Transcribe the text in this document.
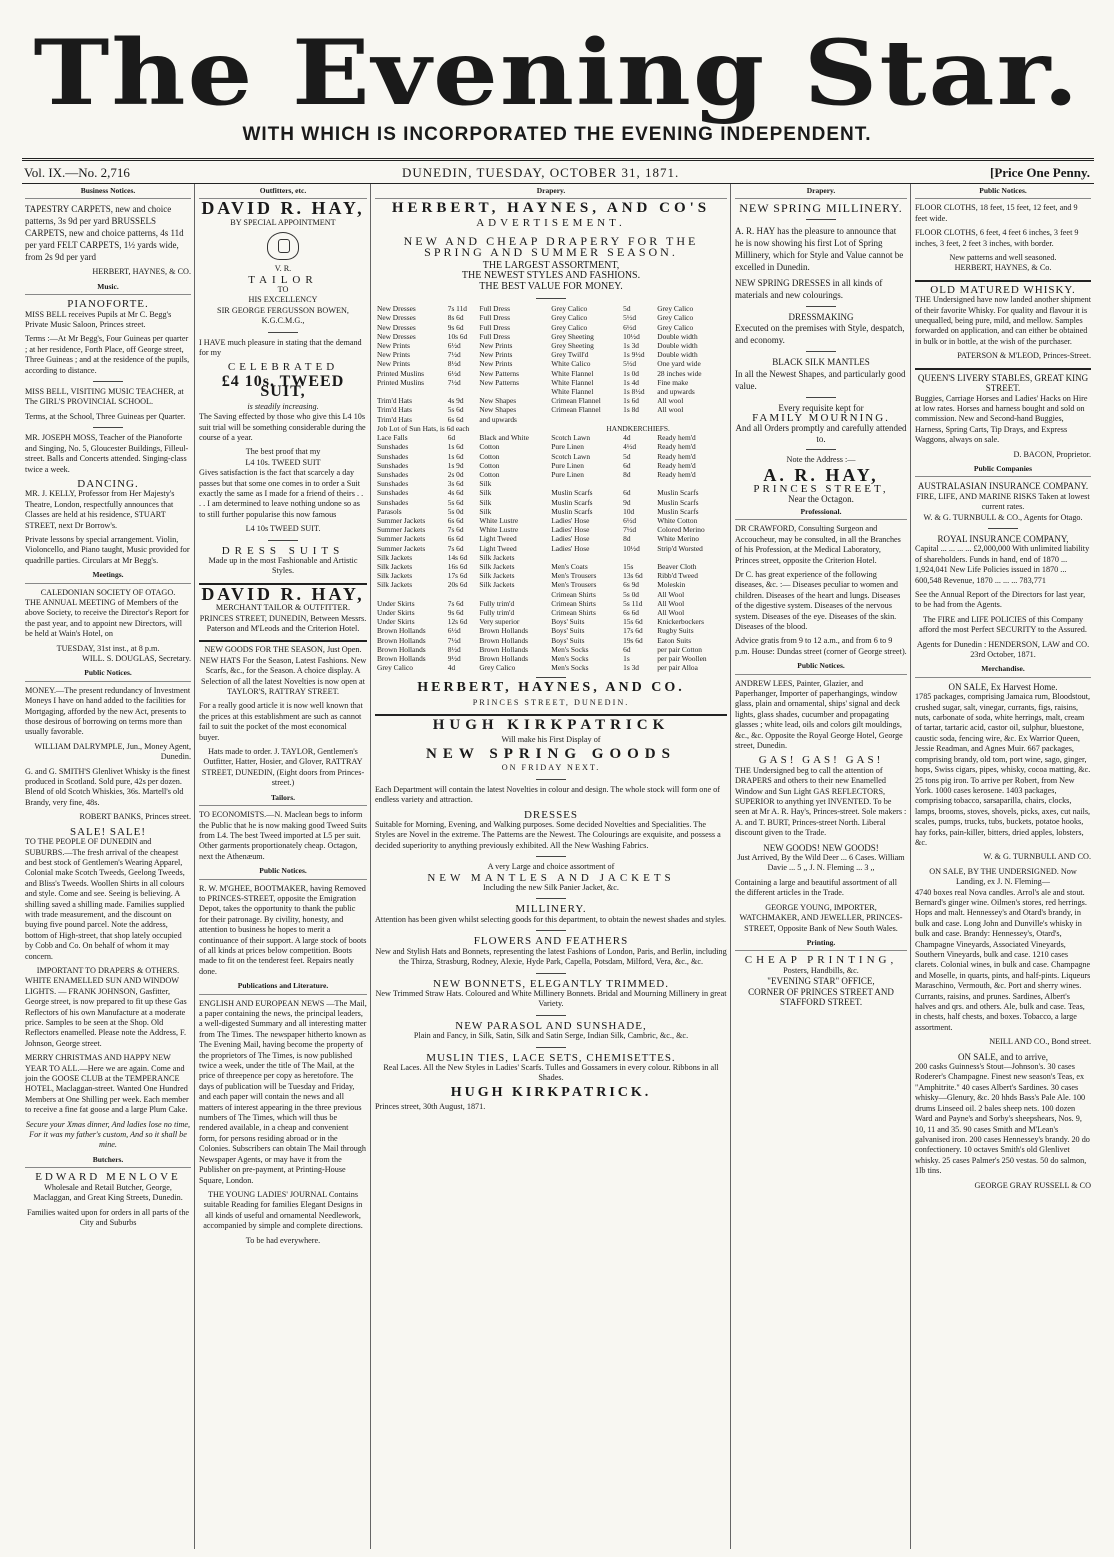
The Evening Star.
WITH WHICH IS INCORPORATED THE EVENING INDEPENDENT.
Vol. IX.—No. 2,716	DUNEDIN, TUESDAY, OCTOBER 31, 1871.	[Price One Penny.
Business Notices.

TAPESTRY CARPETS, new and choice patterns, 3s 9d per yard BRUSSELS CARPETS, new and choice patterns, 4s 11d per yard FELT CARPETS, 1½ yards wide, from 2s 9d per yard

HERBERT, HAYNES, & CO.

Music.
PIANOFORTE.

MISS BELL receives Pupils at Mr C. Begg's Private Music Saloon, Princes street.

Terms :—At Mr Begg's, Four Guineas per quarter ; at her residence, Forth Place, off George street, Three Guineas ; and at the residence of the pupils, according to distance.

MISS BELL, VISITING MUSIC TEACHER, at The GIRL'S PROVINCIAL SCHOOL.

Terms, at the School, Three Guineas per Quarter.

MR. JOSEPH MOSS, Teacher of the Pianoforte and Singing, No. 5, Gloucester Buildings, Filleul-street. Balls and Concerts attended. Singing-class twice a week.

DANCING.

MR. J. KELLY, Professor from Her Majesty's Theatre, London, respectfully announces that Classes are held at his residence, STUART STREET, next Dr Borrow's.

Private lessons by special arrangement. Violin, Violoncello, and Piano taught, Music provided for quadrille parties. Circulars at Mr Begg's.

Meetings.
CALEDONIAN SOCIETY OF OTAGO.

THE ANNUAL MEETING of Members of the above Society, to receive the Director's Report for the past year, and to appoint new Directors, will be held at Wain's Hotel, on

TUESDAY, 31st inst., at 8 p.m.

WILL. S. DOUGLAS, Secretary.

Public Notices.

MONEY.—The present redundancy of Investment Moneys I have on hand added to the facilities for Mortgaging, afforded by the new Act, presents to those desirous of borrowing on terms more than usually favorable.

WILLIAM DALRYMPLE, Jun., Money Agent, Dunedin.

G. and G. SMITH'S Glenlivet Whisky is the finest produced in Scotland. Sold pure, 42s per dozen. Blend of old Scotch Whiskies, 36s. Martell's old Brandy, very fine, 48s.

ROBERT BANKS, Princes street.

SALE! SALE!

TO THE PEOPLE OF DUNEDIN and SUBURBS.—The fresh arrival of the cheapest and best stock of Gentlemen's Wearing Apparel, Colonial make Scotch Tweeds, Geelong Tweeds, and Bliss's Tweeds. Woollen Shirts in all colours and style. Come and see. Seeing is believing. A shilling saved a shilling made. Families supplied with trade measurement, and the discount on buying five pound parcel. Note the address, bottom of High-street, that shop lately occupied by Cobb and Co. On behalf of whom it may concern.

IMPORTANT TO DRAPERS & OTHERS.

WHITE ENAMELLED SUN AND WINDOW LIGHTS. — FRANK JOHNSON, Gasfitter, George street, is now prepared to fit up these Gas Reflectors of his own Manufacture at a moderate price. Samples to be seen at the Shop. Old Reflectors enamelled. Please note the Address, F. Johnson, George street.

MERRY CHRISTMAS AND HAPPY NEW YEAR TO ALL.—Here we are again. Come and join the GOOSE CLUB at the TEMPERANCE HOTEL, Maclaggan-street. Wanted One Hundred Members at One Shilling per week. Each member to receive a fine fat goose and a large Plum Cake.

Secure your Xmas dinner, And ladies lose no time, For it was my father's custom, And so it shall be mine.

Butchers.
EDWARD MENLOVE

Wholesale and Retail Butcher, George, Maclaggan, and Great King Streets, Dunedin.

Families waited upon for orders in all parts of the City and Suburbs

Outfitters, etc.
DAVID R. HAY,
BY SPECIAL APPOINTMENT
V. R.
TAILOR
TO
HIS EXCELLENCY
SIR GEORGE FERGUSSON BOWEN, K.G.C.M.G.,

I HAVE much pleasure in stating that the demand for my

CELEBRATED
£4 10s. TWEED SUIT,
is steadily increasing.

The Saving effected by those who give this L4 10s suit trial will be something considerable during the course of a year.

The best proof that my
L4 10s. TWEED SUIT

Gives satisfaction is the fact that scarcely a day passes but that some one comes in to order a Suit exactly the same as I made for a friend of theirs . . . . I am determined to leave nothing undone so as to still further popularise this now famous

L4 10s TWEED SUIT.
DRESS SUITS

Made up in the most Fashionable and Artistic Styles.

DAVID R. HAY,

MERCHANT TAILOR & OUTFITTER. PRINCES STREET, DUNEDIN, Between Messrs. Paterson and M'Leods and the Criterion Hotel.

NEW GOODS FOR THE SEASON, Just Open. NEW HATS For the Season, Latest Fashions. New Scarfs, &c., for the Season. A choice display. A Selection of all the latest Novelties is now open at TAYLOR'S, RATTRAY STREET.

For a really good article it is now well known that the prices at this establishment are such as cannot fail to suit the pocket of the most economical buyer.

Hats made to order. J. TAYLOR, Gentlemen's Outfitter, Hatter, Hosier, and Glover, RATTRAY STREET, DUNEDIN, (Eight doors from Princes-street.)

Tailors.

TO ECONOMISTS.—N. Maclean begs to inform the Public that he is now making good Tweed Suits from L4. The best Tweed imported at L5 per suit. Other garments proportionately cheap. Octagon, next the Athenæum.

Public Notices.

R. W. M'GHEE, BOOTMAKER, having Removed to PRINCES-STREET, opposite the Emigration Depot, takes the opportunity to thank the public for their patronage. By civility, honesty, and attention to business he hopes to merit a continuance of their support. A large stock of boots of all kinds at prices below competition. Boots made to fit on the tenderest feet. Repairs neatly done.

Publications and Literature.

ENGLISH AND EUROPEAN NEWS —The Mail, a paper containing the news, the principal leaders, a well-digested Summary and all interesting matter from The Times. The newspaper hitherto known as The Evening Mail, having become the property of the proprietors of The Times, is now published twice a week, under the title of The Mail, at the price of threepence per copy as heretofore. The days of publication will be Tuesday and Friday, and each paper will contain the news and all matters of interest appearing in the three previous numbers of The Times, which will thus be rendered available, in a cheap and convenient form, for persons residing abroad or in the Colonies. Subscribers can obtain The Mail through Newspaper Agents, or may have it from the Publisher on pre-payment, at Printing-House Square, London.

THE YOUNG LADIES' JOURNAL Contains suitable Reading for families Elegant Designs in all kinds of useful and ornamental Needlework, accompanied by simple and complete directions.

To be had everywhere.
Drapery.
HERBERT, HAYNES, AND CO'S
ADVERTISEMENT.
NEW AND CHEAP DRAPERY FOR THE SPRING AND SUMMER SEASON.
THE LARGEST ASSORTMENT,
THE NEWEST STYLES AND FASHIONS.
THE BEST VALUE FOR MONEY.
New Dresses	7s 11d	Full Dress	Grey Calico	5d	Grey Calico
New Dresses	8s 6d	Full Dress	Grey Calico	5½d	Grey Calico
New Dresses	9s 6d	Full Dress	Grey Calico	6½d	Grey Calico
New Dresses	10s 6d	Full Dress	Grey Sheeting	10½d	Double width
New Prints	6½d	New Prints	Grey Sheeting	1s 3d	Double width
New Prints	7½d	New Prints	Grey Twill'd	1s 9½d	Double width
New Prints	8½d	New Prints	White Calico	5½d	One yard wide
Printed Muslins	6½d	New Patterns	White Flannel	1s 0d	28 inches wide
Printed Muslins	7½d	New Patterns	White Flannel	1s 4d	Fine make
			White Flannel	1s 8½d	and upwards
Trim'd Hats	4s 9d	New Shapes	Crimean Flannel	1s 6d	All wool
Trim'd Hats	5s 6d	New Shapes	Crimean Flannel	1s 8d	All wool
Trim'd Hats	6s 6d	and upwards			
Job Lot of Sun Hats, is 6d each			HANDKERCHIEFS.		
Lace Falls	6d	Black and White	Scotch Lawn	4d	Ready hem'd
Sunshades	1s 6d	Cotton	Pure Linen	4½d	Ready hem'd
Sunshades	1s 6d	Cotton	Scotch Lawn	5d	Ready hem'd
Sunshades	1s 9d	Cotton	Pure Linen	6d	Ready hem'd
Sunshades	2s 0d	Cotton	Pure Linen	8d	Ready hem'd
Sunshades	3s 6d	Silk			
Sunshades	4s 6d	Silk	Muslin Scarfs	6d	Muslin Scarfs
Sunshades	5s 6d	Silk	Muslin Scarfs	9d	Muslin Scarfs
Parasols	5s 0d	Silk	Muslin Scarfs	10d	Muslin Scarfs
Summer Jackets	6s 6d	White Lustre	Ladies' Hose	6½d	White Cotton
Summer Jackets	7s 6d	White Lustre	Ladies' Hose	7½d	Colored Merino
Summer Jackets	6s 6d	Light Tweed	Ladies' Hose	8d	White Merino
Summer Jackets	7s 6d	Light Tweed	Ladies' Hose	10½d	Strip'd Worsted
Silk Jackets	14s 6d	Silk Jackets			
Silk Jackets	16s 6d	Silk Jackets	Men's Coats	15s	Beaver Cloth
Silk Jackets	17s 6d	Silk Jackets	Men's Trousers	13s 6d	Ribb'd Tweed
Silk Jackets	20s 6d	Silk Jackets	Men's Trousers	6s 9d	Moleskin
			Crimean Shirts	5s 0d	All Wool
Under Skirts	7s 6d	Fully trim'd	Crimean Shirts	5s 11d	All Wool
Under Skirts	9s 6d	Fully trim'd	Crimean Shirts	6s 6d	All Wool
Under Skirts	12s 6d	Very superior	Boys' Suits	15s 6d	Knickerbockers
Brown Hollands	6½d	Brown Hollands	Boys' Suits	17s 6d	Rugby Suits
Brown Hollands	7½d	Brown Hollands	Boys' Suits	19s 6d	Eaton Suits
Brown Hollands	8½d	Brown Hollands	Men's Socks	6d	per pair Cotton
Brown Hollands	9½d	Brown Hollands	Men's Socks	1s	per pair Woollen
Grey Calico	4d	Grey Calico	Men's Socks	1s 3d	per pair Alloa
HERBERT, HAYNES, AND CO.
PRINCES STREET, DUNEDIN.
HUGH KIRKPATRICK
Will make his First Display of
NEW SPRING GOODS
ON FRIDAY NEXT.

Each Department will contain the latest Novelties in colour and design. The whole stock will form one of endless variety and attraction.

DRESSES

Suitable for Morning, Evening, and Walking purposes. Some decided Novelties and Specialities. The Styles are Novel in the extreme. The Patterns are the Newest. The Colourings are exquisite, and possess a decided superiority to anything previously exhibited. All the New Washing Fabrics.

A very Large and choice assortment of
NEW MANTLES AND JACKETS
Including the new Silk Panier Jacket, &c.
MILLINERY.

Attention has been given whilst selecting goods for this department, to obtain the newest shades and styles.

FLOWERS AND FEATHERS

New and Stylish Hats and Bonnets, representing the latest Fashions of London, Paris, and Berlin, including the Thirza, Strasburg, Rodney, Alexie, Hyde Park, Capella, Potsdam, Milford, Vera, &c., &c.

NEW BONNETS, ELEGANTLY TRIMMED.

New Trimmed Straw Hats. Coloured and White Millinery Bonnets. Bridal and Mourning Millinery in great Variety.

NEW PARASOL AND SUNSHADE,

Plain and Fancy, in Silk, Satin, Silk and Satin Serge, Indian Silk, Cambric, &c., &c.

MUSLIN TIES, LACE SETS, CHEMISETTES.

Real Laces. All the New Styles in Ladies' Scarfs. Tulles and Gossamers in every colour. Ribbons in all Shades.

HUGH KIRKPATRICK.
Princes street, 30th August, 1871.
Drapery.
NEW SPRING MILLINERY.

A. R. HAY has the pleasure to announce that he is now showing his first Lot of Spring Millinery, which for Style and Value cannot be excelled in Dunedin.

NEW SPRING DRESSES in all kinds of materials and new colourings.

DRESSMAKING

Executed on the premises with Style, despatch, and economy.

BLACK SILK MANTLES

In all the Newest Shapes, and particularly good value.

Every requisite kept for
FAMILY MOURNING.
And all Orders promptly and carefully attended to.
Note the Address :—
A. R. HAY,
PRINCES STREET,
Near the Octagon.
Professional.

DR CRAWFORD, Consulting Surgeon and Accoucheur, may be consulted, in all the Branches of his Profession, at the Medical Laboratory, Princes street, opposite the Criterion Hotel.

Dr C. has great experience of the following diseases, &c. :— Diseases peculiar to women and children. Diseases of the heart and lungs. Diseases of the digestive system. Diseases of the nervous system. Diseases of the eye. Diseases of the skin. Diseases of the blood.

Advice gratis from 9 to 12 a.m., and from 6 to 9 p.m. House: Dundas street (corner of George street).

Public Notices.

ANDREW LEES, Painter, Glazier, and Paperhanger, Importer of paperhangings, window glass, plain and ornamental, ships' signal and deck lights, glass shades, cucumber and propagating glasses ; white lead, oils and colors gilt mouldings, &c., &c. Opposite the Royal George Hotel, George street, Dunedin.

GAS! GAS! GAS!

THE Undersigned beg to call the attention of DRAPERS and others to their new Enamelled Window and Sun Light GAS REFLECTORS, SUPERIOR to anything yet INVENTED. To be seen at Mr A. R. Hay's, Princes-street. Sole makers : A. and T. BURT, Princes-street North. Liberal discount given to the Trade.

NEW GOODS! NEW GOODS!

Just Arrived, By the Wild Deer ... 6 Cases. William Davie ... 5 ,, J. N. Fleming ... 3 ,,

Containing a large and beautiful assortment of all the different articles in the Trade.

GEORGE YOUNG, IMPORTER, WATCHMAKER, AND JEWELLER, PRINCES-STREET, Opposite Bank of New South Wales.

Printing.
CHEAP PRINTING,
Posters, Handbills, &c.
"EVENING STAR" OFFICE,
CORNER OF PRINCES STREET AND STAFFORD STREET.
Public Notices.

FLOOR CLOTHS, 18 feet, 15 feet, 12 feet, and 9 feet wide.

FLOOR CLOTHS, 6 feet, 4 feet 6 inches, 3 feet 9 inches, 3 feet, 2 feet 3 inches, with border.

New patterns and well seasoned.
HERBERT, HAYNES, & Co.
OLD MATURED WHISKY.

THE Undersigned have now landed another shipment of their favorite Whisky. For quality and flavour it is unequalled, being pure, mild, and mellow. Samples forwarded on application, and can either be obtained in bulk or in bottle, at the wish of the purchaser.

PATERSON & M'LEOD, Princes-Street.

QUEEN'S LIVERY STABLES, GREAT KING STREET.

Buggies, Carriage Horses and Ladies' Hacks on Hire at low rates. Horses and harness bought and sold on commission. New and Second-hand Buggies, Harness, Spring Carts, Tip Drays, and Express Waggons, always on sale.

D. BACON, Proprietor.

Public Companies
AUSTRALASIAN INSURANCE COMPANY.
FIRE, LIFE, AND MARINE RISKS Taken at lowest current rates.
W. & G. TURNBULL & CO., Agents for Otago.
ROYAL INSURANCE COMPANY,

Capital ... ... ... ... £2,000,000 With unlimited liability of shareholders. Funds in hand, end of 1870 ... 1,924,041 New Life Policies issued in 1870 ... 600,548 Revenue, 1870 ... ... ... 783,771

See the Annual Report of the Directors for last year, to be had from the Agents.

The FIRE and LIFE POLICIES of this Company afford the most Perfect SECURITY to the Assured.

Agents for Dunedin : HENDERSON, LAW and CO. 23rd October, 1871.

Merchandise.
ON SALE, Ex Harvest Home.

1785 packages, comprising Jamaica rum, Bloodstout, crushed sugar, salt, vinegar, currants, figs, raisins, nuts, carbonate of soda, white herrings, malt, cream of tartar, tartaric acid, castor oil, sulphur, bluestone, caustic soda, fencing wire, &c. Ex Warrior Queen, Jessie Readman, and Agnes Muir. 667 packages, comprising brandy, old tom, port wine, sago, ginger, hops, Swiss cigars, pipes, whisky, cocoa matting, &c. 25 tons pig iron. To arrive per Robert, from New York. 1000 cases kerosene. 1403 packages, comprising tobacco, sarsaparilla, chairs, clocks, lamps, brooms, stoves, shovels, picks, axes, cut nails, scales, pumps, trucks, tubs, buckets, potatoe hooks, hay forks, pain-killer, bitters, dried apples, lobsters, &c.

W. & G. TURNBULL AND CO.

ON SALE, BY THE UNDERSIGNED. Now Landing, ex J. N. Fleming—

4740 boxes real Nova candles. Arrol's ale and stout. Bernard's ginger wine. Oilmen's stores, red herrings. Hops and malt. Hennessey's and Otard's brandy, in bulk and case. Long John and Dunville's whisky in bulk and case. Brandy: Hennessey's, Otard's, Champagne Vineyards, Associated Vineyards, Southern Vineyards, bulk and case. 1210 cases clarets. Colonial wines, in bulk and case. Champagne and Moselle, in quarts, pints, and half-pints. Liqueurs Maraschino, Vermouth, &c. Port and sherry wines. Currants, raisins, and prunes. Sardines, Albert's halves and qrs. and others. Ale, bulk and case. Teas, in chests, half chests, and boxes. Tobacco, a large assortment.

NEILL AND CO., Bond street.

ON SALE, and to arrive,

200 casks Guinness's Stout—Johnson's. 30 cases Roderer's Champagne. Finest new season's Teas, ex "Amphitrite." 40 cases Albert's Sardines. 30 cases whisky—Glenury, &c. 20 hhds Bass's Pale Ale. 100 drums Linseed oil. 2 bales sheep nets. 100 dozen Ward and Payne's and Sorby's sheepshears, Nos. 9, 10, 11 and 35. 90 cases Smith and M'Lean's galvanised iron. 200 cases Hennessey's brandy. 20 do confectionery. 10 octaves Smith's old Glenlivet whisky. 25 cases Palmer's 250 vestas. 50 do salmon, 1lb tins.

GEORGE GRAY RUSSELL & CO
